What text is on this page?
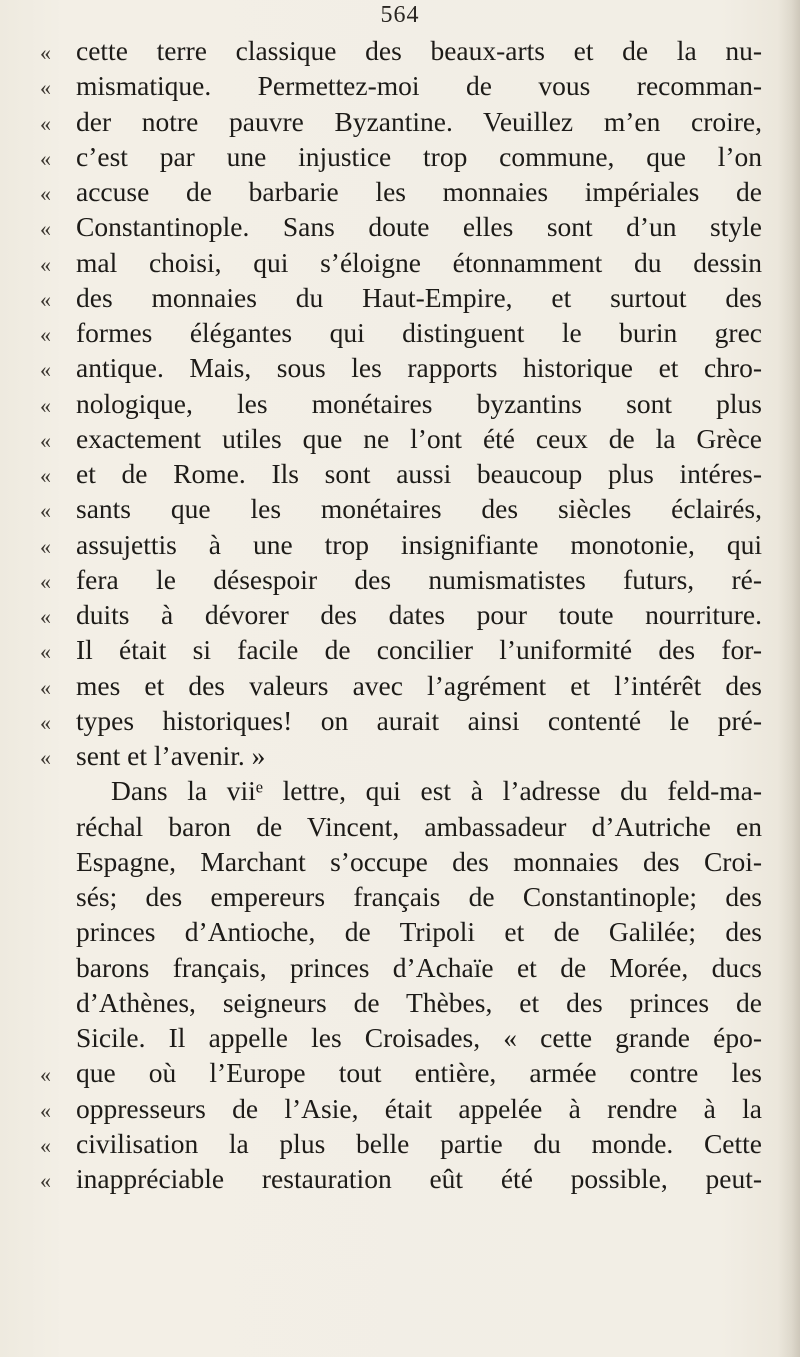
564
« cette terre classique des beaux-arts et de la nu-
« mismatique. Permettez-moi de vous recomman-
« der notre pauvre Byzantine. Veuillez m’en croire,
« c’est par une injustice trop commune, que l’on
« accuse de barbarie les monnaies impériales de
« Constantinople. Sans doute elles sont d’un style
« mal choisi, qui s’éloigne étonnamment du dessin
« des monnaies du Haut-Empire, et surtout des
« formes élégantes qui distinguent le burin grec
« antique. Mais, sous les rapports historique et chro-
« nologique, les monétaires byzantins sont plus
« exactement utiles que ne l’ont été ceux de la Grèce
« et de Rome. Ils sont aussi beaucoup plus intéres-
« sants que les monétaires des siècles éclairés,
« assujettis à une trop insignifiante monotonie, qui
« fera le désespoir des numismatistes futurs, ré-
« duits à dévorer des dates pour toute nourriture.
« Il était si facile de concilier l’uniformité des for-
« mes et des valeurs avec l’agrément et l’intérêt des
« types historiques! on aurait ainsi contenté le pré-
« sent et l’avenir. »
Dans la viiᵉ lettre, qui est à l’adresse du feld-ma-
réchal baron de Vincent, ambassadeur d’Autriche en
Espagne, Marchant s’occupe des monnaies des Croi-
sés; des empereurs français de Constantinople; des
princes d’Antioche, de Tripoli et de Galilée; des
barons français, princes d’Achaïe et de Morée, ducs
d’Athènes, seigneurs de Thèbes, et des princes de
Sicile. Il appelle les Croisades, « cette grande épo-
« que où l’Europe tout entière, armée contre les
« oppresseurs de l’Asie, était appelée à rendre à la
« civilisation la plus belle partie du monde. Cette
« inappréciable restauration eût été possible, peut-
